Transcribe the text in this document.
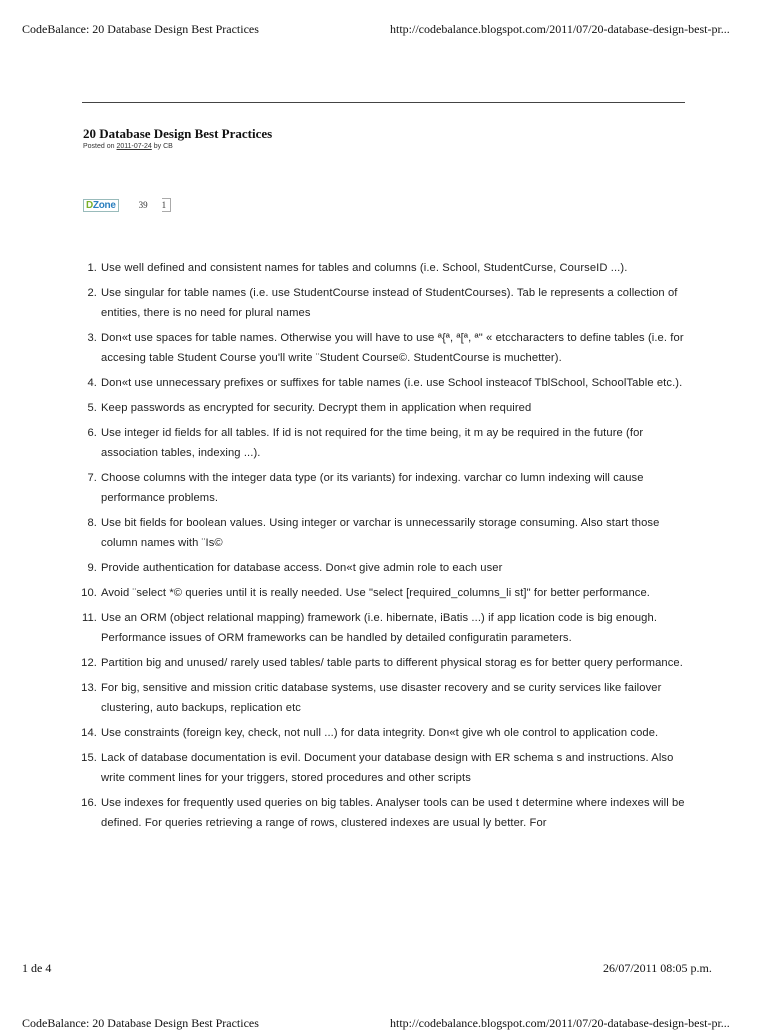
CodeBalance: 20 Database Design Best Practices	http://codebalance.blogspot.com/2011/07/20-database-design-best-pr...
20 Database Design Best Practices
Posted on 2011-07-24 by CB
DZone	39 1
1. Use well defined and consistent names for tables and columns (i.e. School, StudentCurse, CourseID ...).
2. Use singular for table names (i.e. use StudentCourse instead of StudentCourses). Tab le represents a collection of entities, there is no need for plural names
3. Don«t use spaces for table names. Otherwise you will have to use ª{ª, ª[ª, ª" « etccharacters to define tables (i.e. for accesing table Student Course you'll write ¨Student Course©. StudentCourse is muchetter).
4. Don«t use unnecessary prefixes or suffixes for table names (i.e. use School insteacof TblSchool, SchoolTable etc.).
5. Keep passwords as encrypted for security. Decrypt them in application when required
6. Use integer id fields for all tables. If id is not required for the time being, it m ay be required in the future (for association tables, indexing ...).
7. Choose columns with the integer data type (or its variants) for indexing. varchar co lumn indexing will cause performance problems.
8. Use bit fields for boolean values. Using integer or varchar is unnecessarily storage consuming. Also start those column names with ¨Is©
9. Provide authentication for database access. Don«t give admin role to each user
10. Avoid ¨select *© queries until it is really needed. Use "select [required_columns_li st]" for better performance.
11. Use an ORM (object relational mapping) framework (i.e. hibernate, iBatis ...) if app lication code is big enough. Performance issues of ORM frameworks can be handled by detailed configuratin parameters.
12. Partition big and unused/ rarely used tables/ table parts to different physical storag es for better query performance.
13. For big, sensitive and mission critic database systems, use disaster recovery and se curity services like failover clustering, auto backups, replication etc
14. Use constraints (foreign key, check, not null ...) for data integrity. Don«t give wh ole control to application code.
15. Lack of database documentation is evil. Document your database design with ER schema s and instructions. Also write comment lines for your triggers, stored procedures and other scripts
16. Use indexes for frequently used queries on big tables. Analyser tools can be used t determine where indexes will be defined. For queries retrieving a range of rows, clustered indexes are usual ly better. For
1 de 4	26/07/2011 08:05 p.m.
CodeBalance: 20 Database Design Best Practices	http://codebalance.blogspot.com/2011/07/20-database-design-best-pr...
